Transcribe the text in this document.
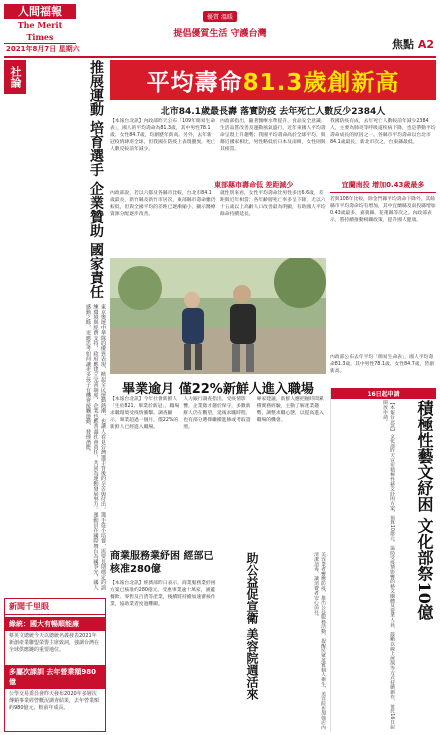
人間福報
The Merit Times
2021年8月7日 星期六
優質 溫暖
提倡優質生活 守護台灣
焦點 A2
社論	推展運動 培育選手 企業贊助 國家責任

東京奧運中華隊的優異表現，掀起全民運動熱潮，也讓人看見台灣選手背後的辛苦與付出。選手從小培養，需要長期穩定的訓練環境與經費支持，政府應建立完善制度，企業也應善盡社會責任，共同為運動發展努力。運動員在國際舞台為國爭光，國人感動之餘，更應思考如何讓更多孩子有機會接觸運動、發揮潛能。

新聞千里眼
綠統：國大有暢順能廉
蔡英文總統今天以總統名義發表2021年新創產業聯盟榮譽主席致詞，強調台灣在全球供應鏈的重要地位。
多屬次課訓 去年營業額980億
公學交易委員會昨天發布2020年多層次傳銷事業經營概況調查結果，去年營業額約980億元，較前年成長。
平均壽命 81.3歲創新高
北市84.1歲最長壽 落實防疫 去年死亡人數反少2384人

【本報台北訊】內政部昨天公布「109年簡易生命表」，國人的平均壽命為81.3歲，其中男性78.1歲、女性84.7歲，均創歷年新高。另外，去年新冠疫情肆虐全球，但我國在防疫上表現優異，死亡人數反較前年減少。

內政部指出，隨著醫療水準提升、食品安全意識、生活品質改善及運動風氣盛行，近年來國人平均壽命呈現上升趨勢；我國平均壽命高於全球平均，與鄰近國家相比，男性略低於日本及南韓，女性則與其相當。

我國防疫有成，去年死亡人數較前年減少2384人，主要為肺炎等呼吸道疾病下降，也是帶動平均壽命成長的原因之一。各縣市平均壽命以台北市84.1歲最長，新北市次之，台東縣最低。

東部縣市壽命低 差距減少

內政部說，若以六都及各縣市比較，台北市84.1歲最長，新竹縣及新竹市居次，東部縣市壽命雖仍較低，但與全國平均的差距已逐漸縮小，顯示醫療資源分配逐步改善。

就性別來看，女性平均壽命比男性多出6.6歲，差距與近年相當；各年齡層死亡率多呈下降，尤以六十五歲以上高齡人口改善最為明顯，有助國人平均餘命持續延長。

宜蘭南投 增加0.43歲最多
若與108年比較，除金門縣平均壽命下降外，其餘縣市平均壽命均有增加，其中宜蘭縣及南投縣增加0.43歲最多，嘉義縣、花蓮縣等次之。內政部表示，將持續推動相關政策，提升國人健康。
內政部公布去年平均「簡易生命表」，國人平均壽命81.3歲，其中男性78.1歲、女性84.7歲，皆創新高。
畢業逾月 僅22%新鮮人進入職場

【本報台北訊】今年社會新鮮人「生於821、畢業於新冠」，職場求職環境受疫情衝擊。調查顯示，畢業超過一個月，僅22%的新鮮人已經進入職場。

人力銀行調查指出，受疫情影響，企業徵才趨於保守，多數新鮮人仍在觀望，延後求職時程，也有部分選擇繼續進修或考取證照。

專家建議，新鮮人應把握時間累積實務經驗，主動了解產業趨勢，調整求職心態，以提高進入職場的機會。

商業服務業紓困 經部已核准280億

【本報台北訊】經濟部昨日表示，商業服務業紓困方案已核准約280億元，受惠事業逾十萬家，涵蓋餐飲、零售及百貨等產業，後續將持續加速審核作業，協助業者度過難關。	助公益促宣衛 美容院週活來	美容業者響應防疫，推出公益服務活動，提醒民眾落實個人衛生，美容院也加強店內清潔消毒，讓消費者安心前往。

16日起申請

【本報台北訊】文化部昨天宣布積極性藝文紓困方案，預算10億元，協助受疫情影響的藝文團體及從業人員，鼓勵以線上展演等方式持續創作，並於16日起開放申請。	積極性藝文紓困 文化部祭10億
